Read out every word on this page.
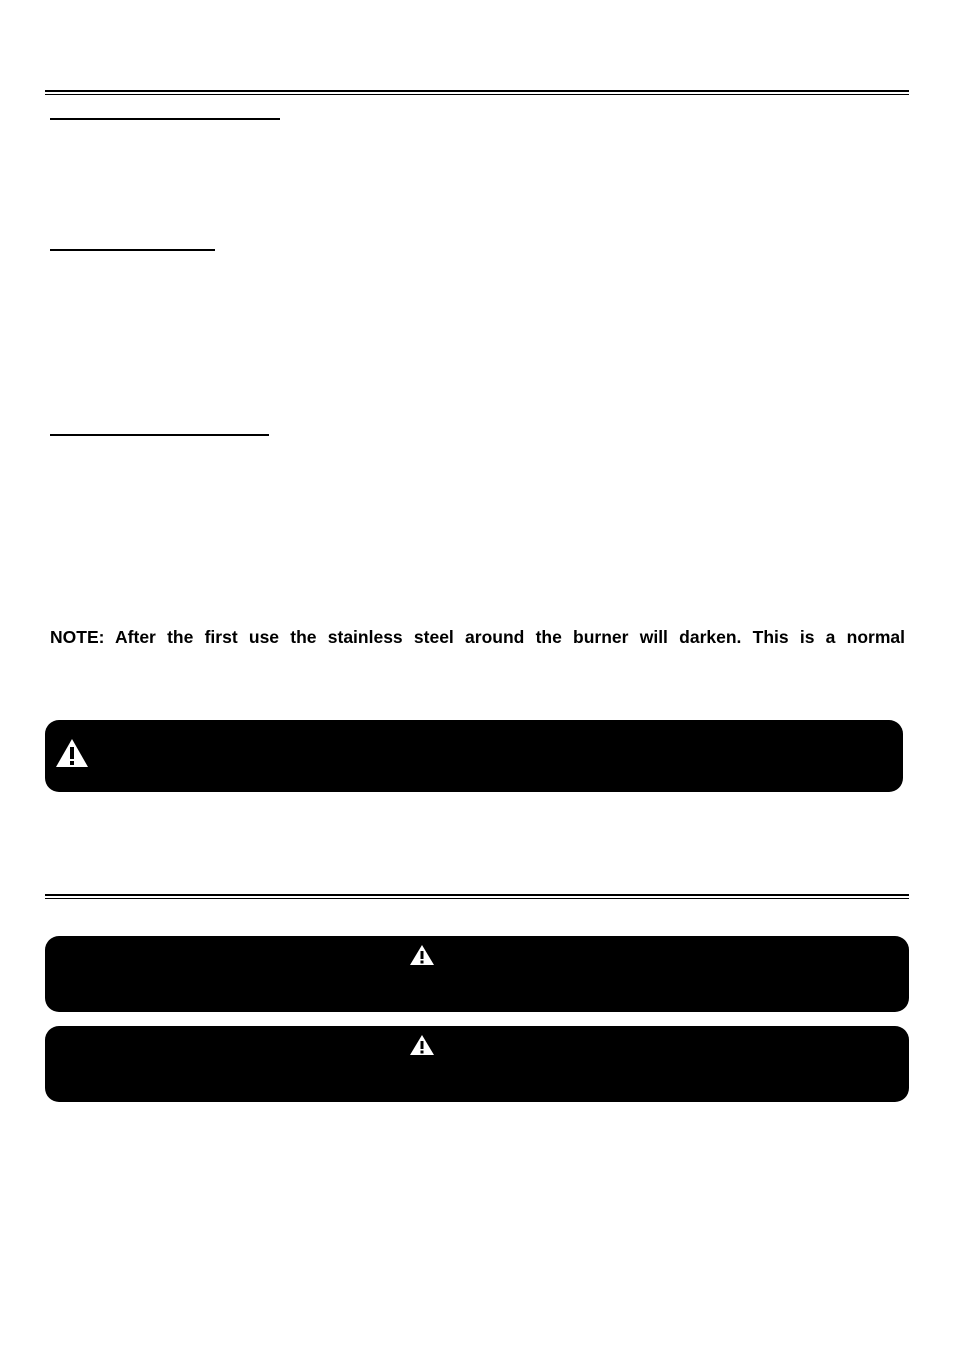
NOTE: After the first use the stainless steel around the burner will darken. This is a normal
